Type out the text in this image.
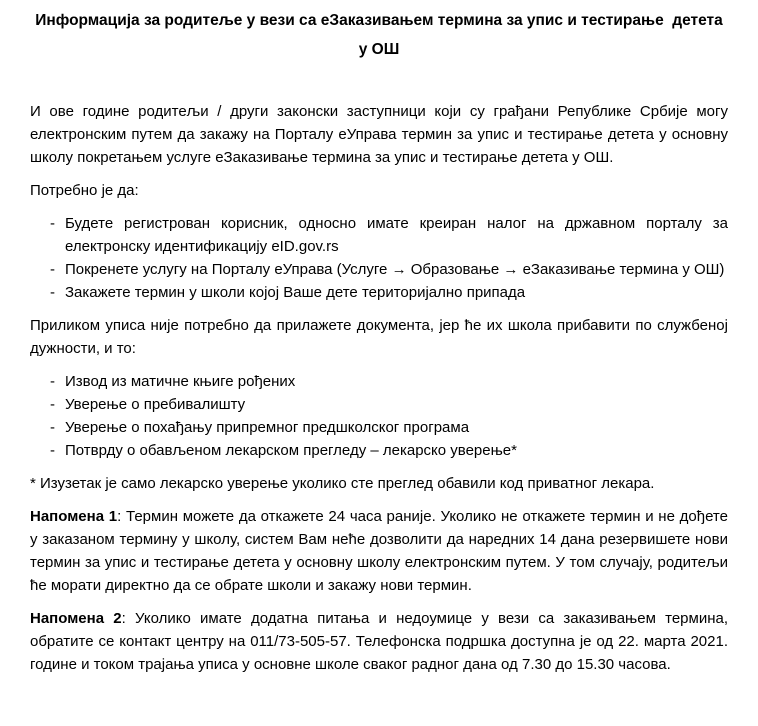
Информација за родитеље у вези са еЗаказивањем термина за упис и тестирање  детета у ОШ

И ове године родитељи / други законски заступници који су грађани Републике Србије могу електронским путем да закажу на Порталу еУправа термин за упис и тестирање детета у основну школу покретањем услуге еЗаказивање термина за упис и тестирање детета у ОШ.

Потребно је да:

- Будете регистрован корисник, односно имате креиран налог на државном порталу за електронску идентификацију eID.gov.rs
- Покренете услугу на Порталу еУправа (Услуге → Образовање → еЗаказивање термина у ОШ)
- Закажете термин у школи којој Ваше дете територијално припада

Приликом уписа није потребно да прилажете документа, јер ће их школа прибавити по службеној дужности, и то:

- Извод из матичне књиге рођених
- Уверење о пребивалишту
- Уверење о похађању припремног предшколског програма
- Потврду о обављеном лекарском прегледу – лекарско уверење*

* Изузетак је само лекарско уверење уколико сте преглед обавили код приватног лекара.

Напомена 1: Термин можете да откажете 24 часа раније. Уколико не откажете термин и не дођете у заказаном термину у школу, систем Вам неће дозволити да наредних 14 дана резервишете нови термин за упис и тестирање детета у основну школу електронским путем. У том случају, родитељи ће морати директно да се обрате школи и закажу нови термин.

Напомена 2: Уколико имате додатна питања и недоумице у вези са заказивањем термина, обратите се контакт центру на 011/73-505-57. Телефонска подршка доступна је од 22. марта 2021. године и током трајања уписа у основне школе сваког радног дана од 7.30 до 15.30 часова.
